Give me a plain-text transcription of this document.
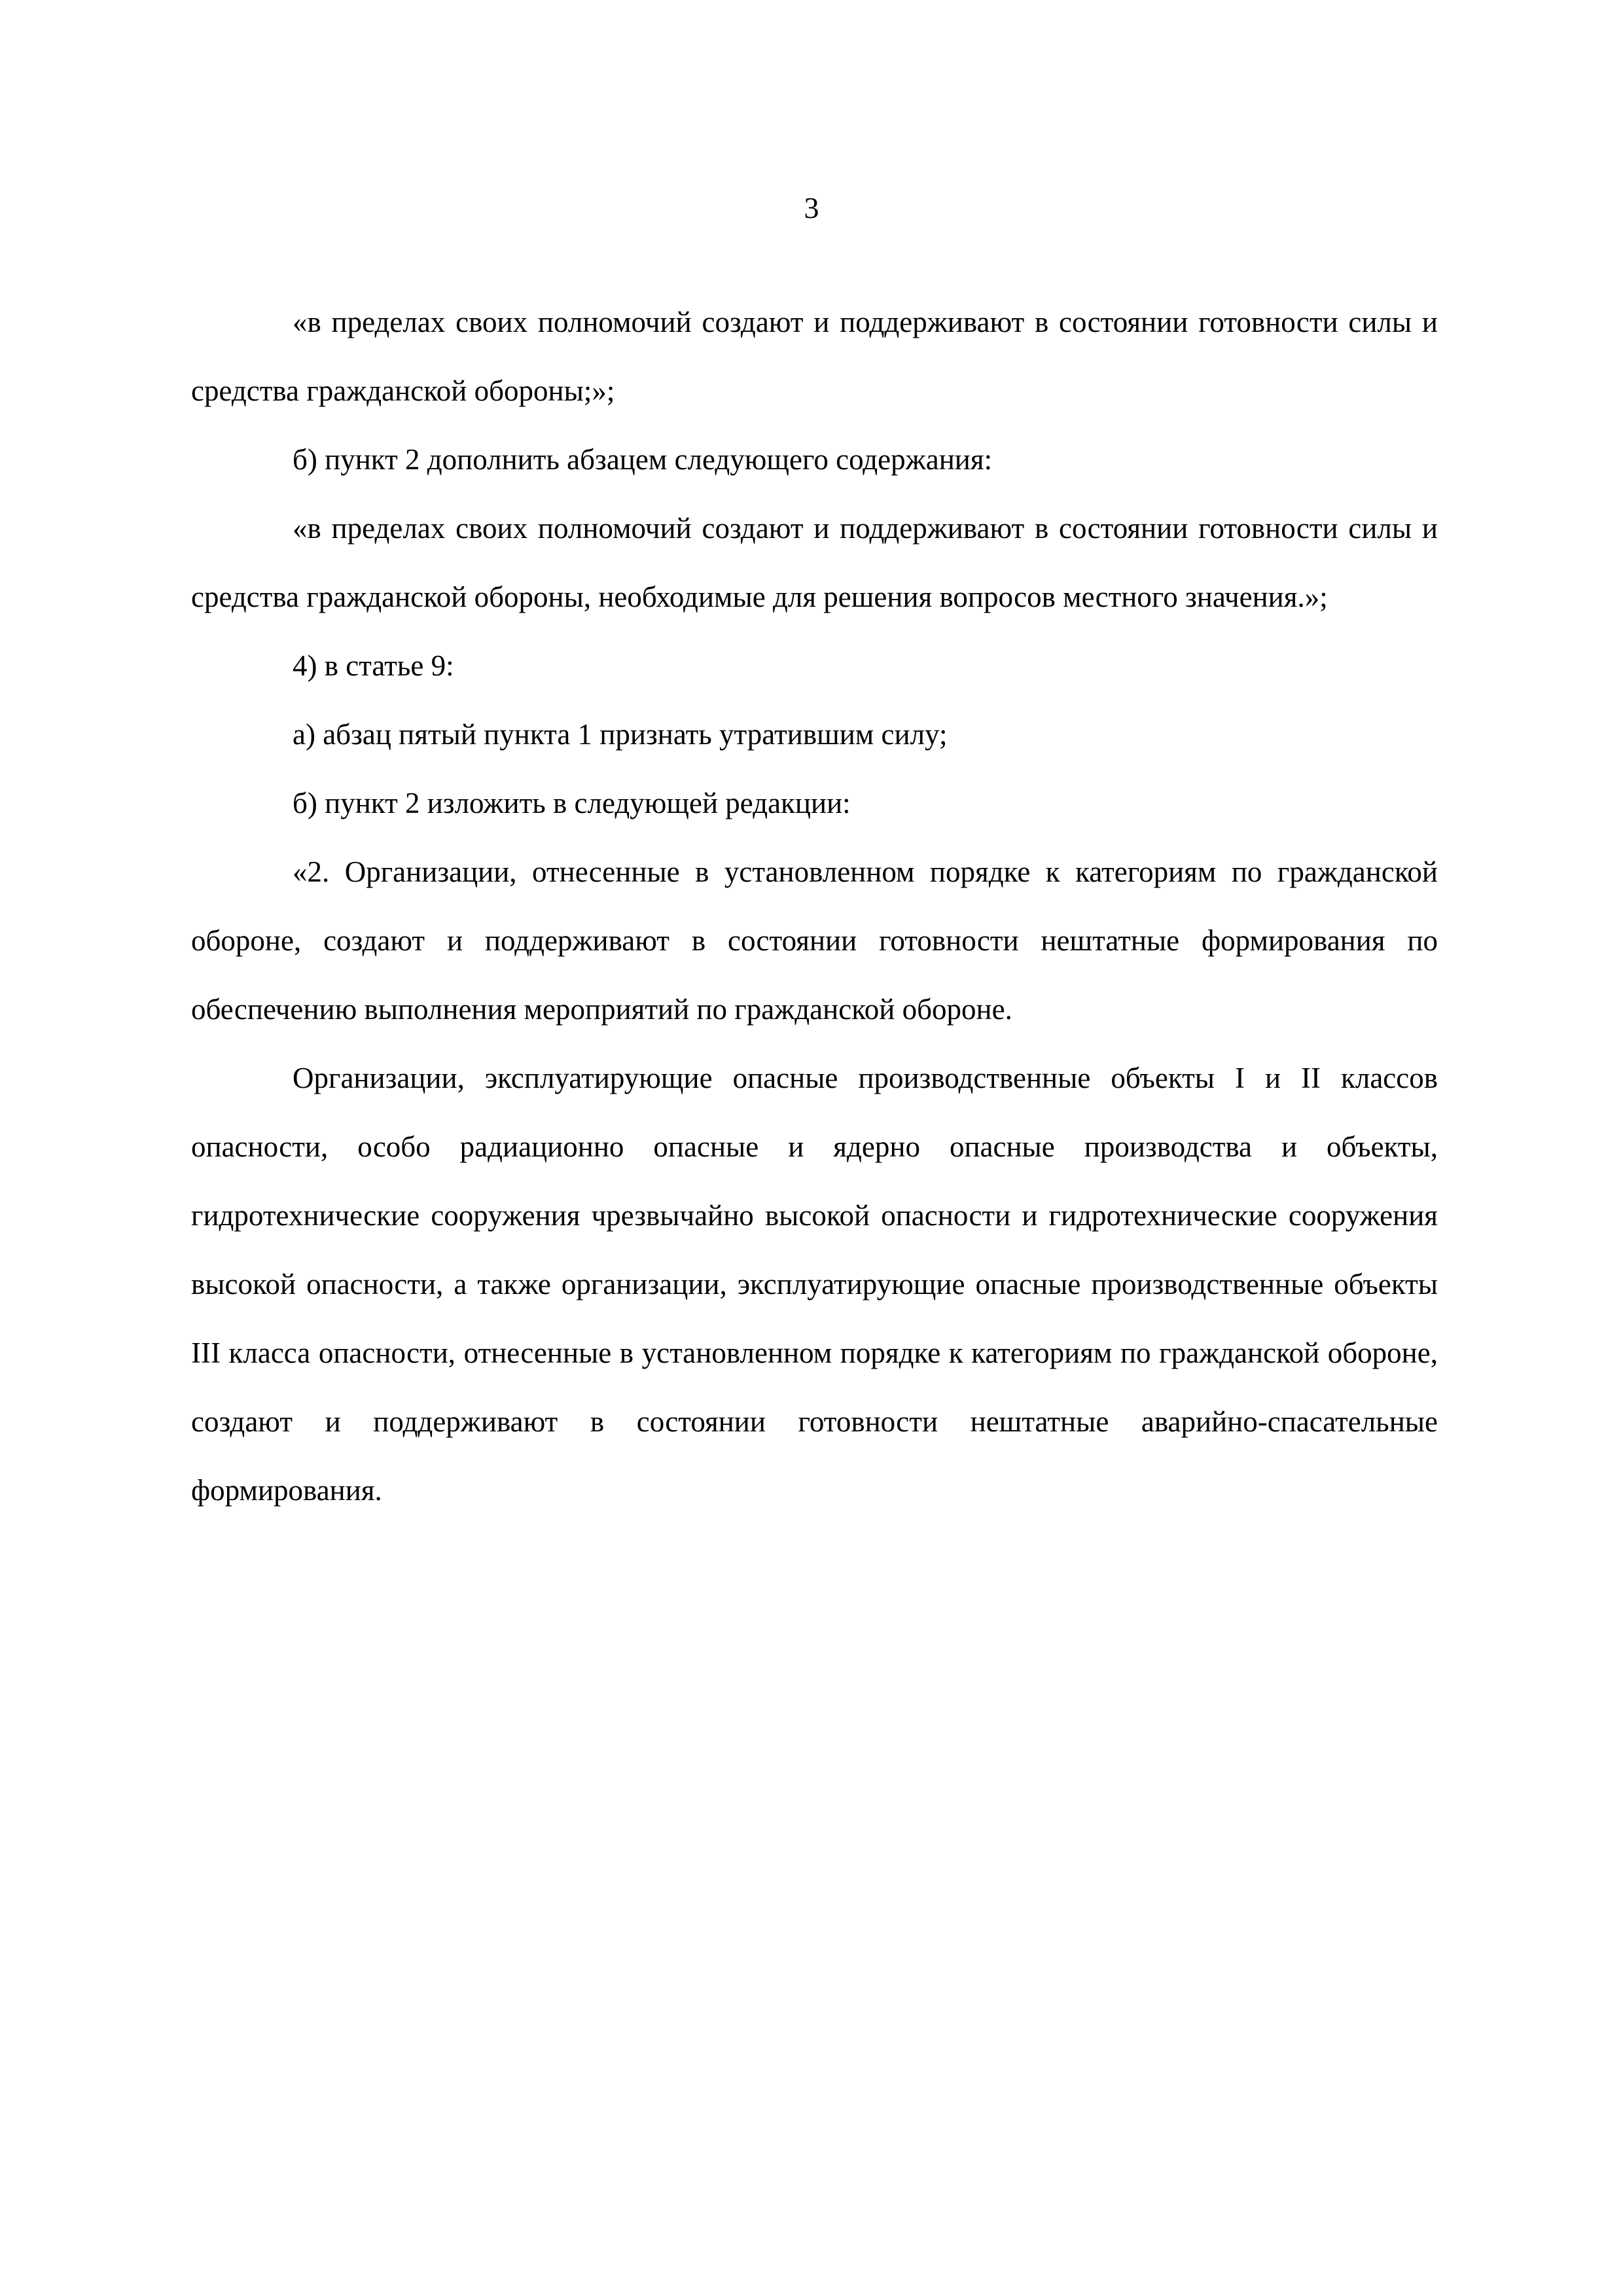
3

«в пределах своих полномочий создают и поддерживают в состоянии готовности силы и средства гражданской обороны;»;

б) пункт 2 дополнить абзацем следующего содержания:

«в пределах своих полномочий создают и поддерживают в состоянии готовности силы и средства гражданской обороны, необходимые для решения вопросов местного значения.»;

4) в статье 9:

а) абзац пятый пункта 1 признать утратившим силу;

б) пункт 2 изложить в следующей редакции:

«2. Организации, отнесенные в установленном порядке к категориям по гражданской обороне, создают и поддерживают в состоянии готовности нештатные формирования по обеспечению выполнения мероприятий по гражданской обороне.

Организации, эксплуатирующие опасные производственные объекты I и II классов опасности, особо радиационно опасные и ядерно опасные производства и объекты, гидротехнические сооружения чрезвычайно высокой опасности и гидротехнические сооружения высокой опасности, а также организации, эксплуатирующие опасные производственные объекты III класса опасности, отнесенные в установленном порядке к категориям по гражданской обороне, создают и поддерживают в состоянии готовности нештатные аварийно-спасательные формирования.
